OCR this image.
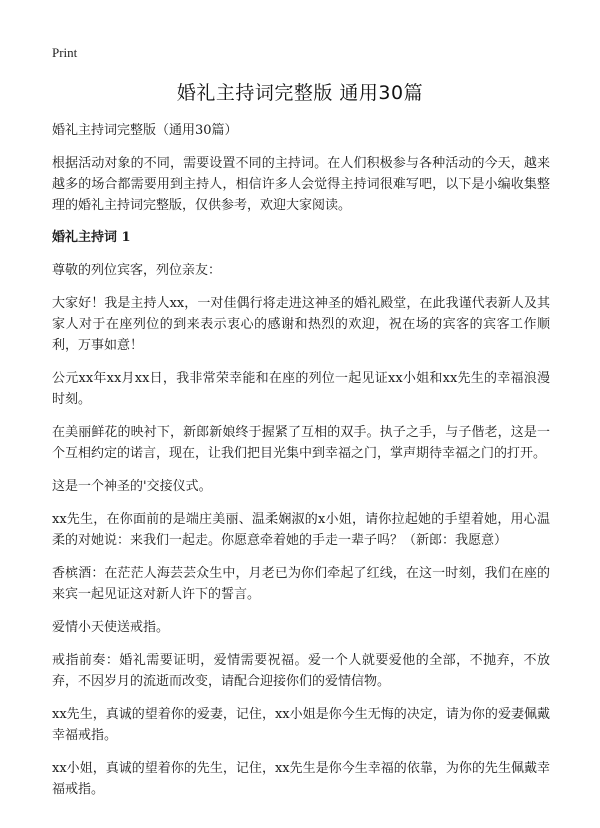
Print
婚礼主持词完整版 通用30篇

婚礼主持词完整版（通用30篇）

根据活动对象的不同，需要设置不同的主持词。在人们积极参与各种活动的今天，越来越多的场合都需要用到主持人，相信许多人会觉得主持词很难写吧，以下是小编收集整理的婚礼主持词完整版，仅供参考，欢迎大家阅读。

婚礼主持词 1

尊敬的列位宾客，列位亲友：

大家好！我是主持人xx，一对佳偶行将走进这神圣的婚礼殿堂，在此我谨代表新人及其家人对于在座列位的到来表示衷心的感谢和热烈的欢迎，祝在场的宾客的宾客工作顺利，万事如意！

公元xx年xx月xx日，我非常荣幸能和在座的列位一起见证xx小姐和xx先生的幸福浪漫时刻。

在美丽鲜花的映衬下，新郎新娘终于握紧了互相的双手。执子之手，与子偕老，这是一个互相约定的诺言，现在，让我们把目光集中到幸福之门，掌声期待幸福之门的打开。

这是一个神圣的'交接仪式。

xx先生，在你面前的是端庄美丽、温柔娴淑的x小姐，请你拉起她的手望着她，用心温柔的对她说：来我们一起走。你愿意牵着她的手走一辈子吗？（新郎：我愿意）

香槟酒：在茫茫人海芸芸众生中，月老已为你们牵起了红线，在这一时刻，我们在座的来宾一起见证这对新人许下的誓言。

爱情小天使送戒指。

戒指前奏：婚礼需要证明，爱情需要祝福。爱一个人就要爱他的全部，不抛弃，不放弃，不因岁月的流逝而改变，请配合迎接你们的爱情信物。

xx先生，真诚的望着你的爱妻，记住，xx小姐是你今生无悔的决定，请为你的爱妻佩戴幸福戒指。

xx小姐，真诚的望着你的先生，记住，xx先生是你今生幸福的依靠，为你的先生佩戴幸福戒指。
